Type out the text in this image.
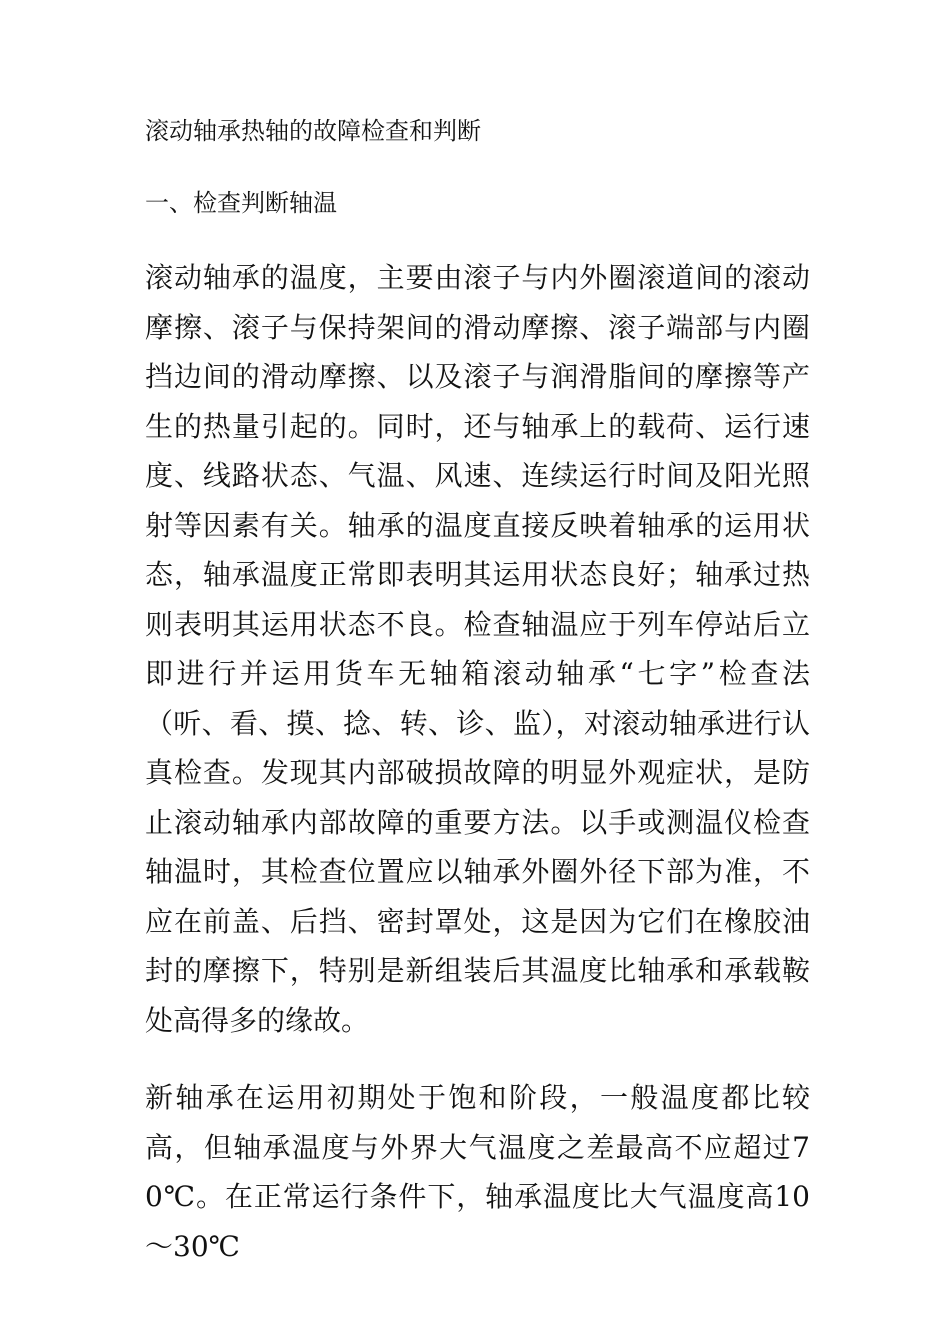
滚动轴承热轴的故障检查和判断
一、检查判断轴温

滚动轴承的温度，主要由滚子与内外圈滚道间的滚动摩擦、滚子与保持架间的滑动摩擦、滚子端部与内圈挡边间的滑动摩擦、以及滚子与润滑脂间的摩擦等产生的热量引起的。同时，还与轴承上的载荷、运行速度、线路状态、气温、风速、连续运行时间及阳光照射等因素有关。轴承的温度直接反映着轴承的运用状态，轴承温度正常即表明其运用状态良好；轴承过热则表明其运用状态不良。检查轴温应于列车停站后立即进行并运用货车无轴箱滚动轴承“七字”检查法（听、看、摸、捻、转、诊、监），对滚动轴承进行认真检查。发现其内部破损故障的明显外观症状，是防止滚动轴承内部故障的重要方法。以手或测温仪检查轴温时，其检查位置应以轴承外圈外径下部为准，不应在前盖、后挡、密封罩处，这是因为它们在橡胶油封的摩擦下，特别是新组装后其温度比轴承和承载鞍处高得多的缘故。

新轴承在运用初期处于饱和阶段，一般温度都比较高，但轴承温度与外界大气温度之差最高不应超过70℃。在正常运行条件下，轴承温度比大气温度高10～30℃
